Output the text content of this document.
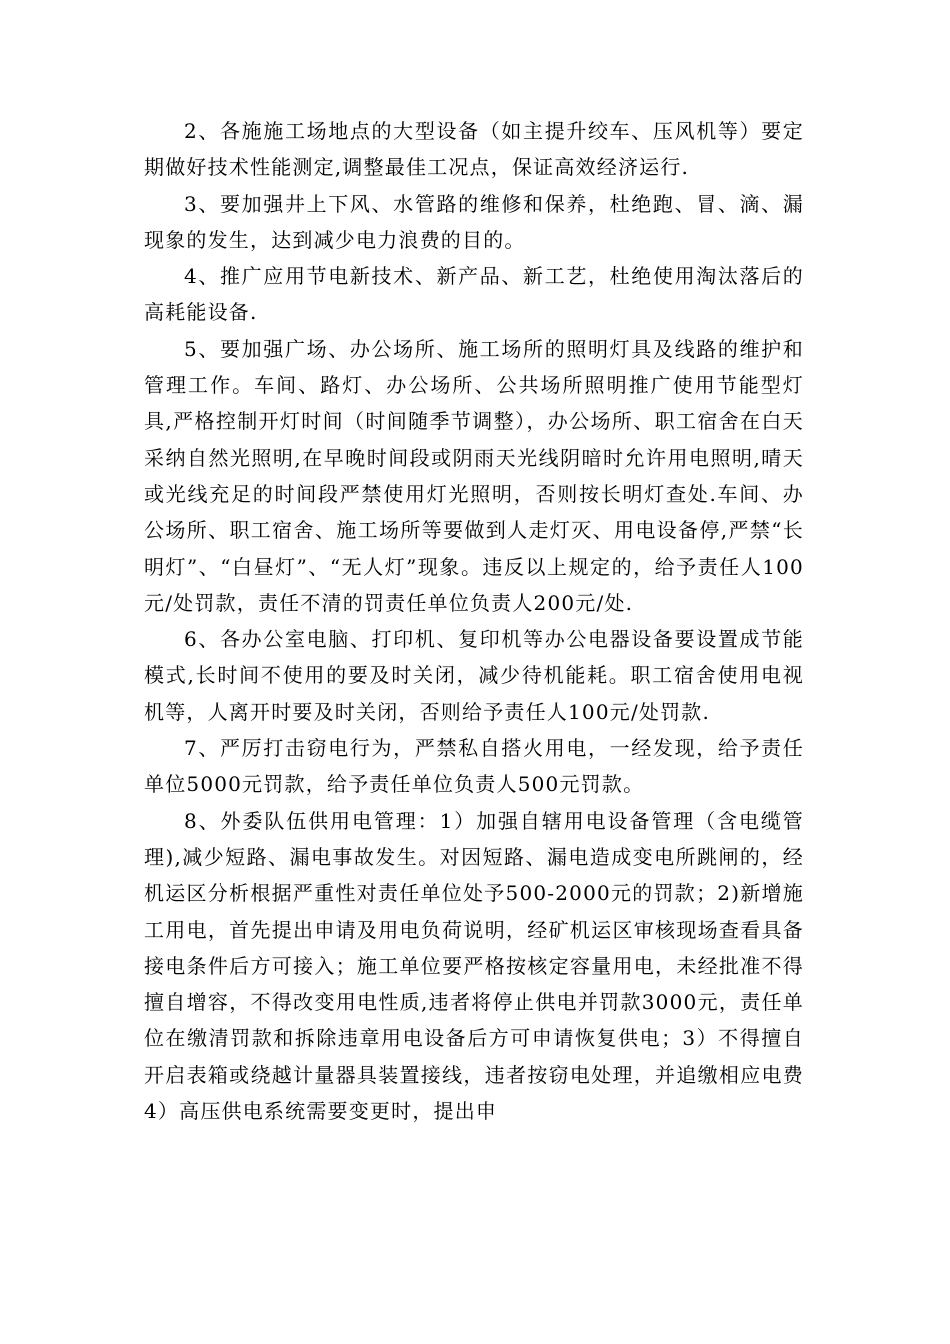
2、各施施工场地点的大型设备（如主提升绞车、压风机等）要定期做好技术性能测定,调整最佳工况点，保证高效经济运行.

3、要加强井上下风、水管路的维修和保养，杜绝跑、冒、滴、漏现象的发生，达到减少电力浪费的目的。

4、推广应用节电新技术、新产品、新工艺，杜绝使用淘汰落后的高耗能设备.

5、要加强广场、办公场所、施工场所的照明灯具及线路的维护和管理工作。车间、路灯、办公场所、公共场所照明推广使用节能型灯具,严格控制开灯时间（时间随季节调整），办公场所、职工宿舍在白天采纳自然光照明,在早晚时间段或阴雨天光线阴暗时允许用电照明,晴天或光线充足的时间段严禁使用灯光照明，否则按长明灯查处.车间、办公场所、职工宿舍、施工场所等要做到人走灯灭、用电设备停,严禁“长明灯”、“白昼灯”、“无人灯”现象。违反以上规定的，给予责任人100元/处罚款，责任不清的罚责任单位负责人200元/处.

6、各办公室电脑、打印机、复印机等办公电器设备要设置成节能模式,长时间不使用的要及时关闭，减少待机能耗。职工宿舍使用电视机等，人离开时要及时关闭，否则给予责任人100元/处罚款.

7、严厉打击窃电行为，严禁私自搭火用电，一经发现，给予责任单位5000元罚款，给予责任单位负责人500元罚款。

8、外委队伍供用电管理：1）加强自辖用电设备管理（含电缆管理),减少短路、漏电事故发生。对因短路、漏电造成变电所跳闸的，经机运区分析根据严重性对责任单位处予500-2000元的罚款；2)新增施工用电，首先提出申请及用电负荷说明，经矿机运区审核现场查看具备接电条件后方可接入；施工单位要严格按核定容量用电，未经批准不得擅自增容，不得改变用电性质,违者将停止供电并罚款3000元，责任单位在缴清罚款和拆除违章用电设备后方可申请恢复供电；3）不得擅自开启表箱或绕越计量器具装置接线，违者按窃电处理，并追缴相应电费4）高压供电系统需要变更时，提出申
